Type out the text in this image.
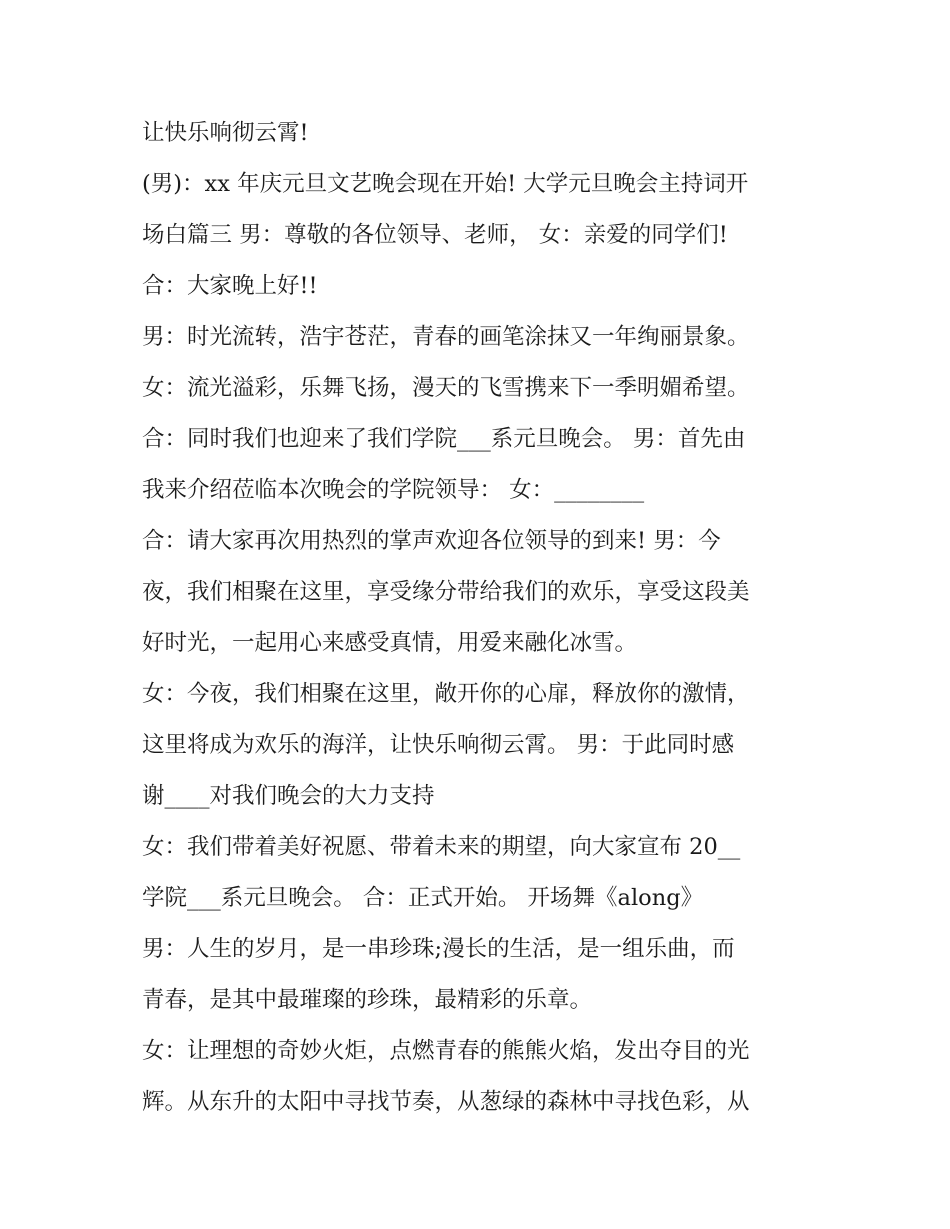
让快乐响彻云霄!
(男)：xx 年庆元旦文艺晚会现在开始! 大学元旦晚会主持词开
场白篇三 男：尊敬的各位领导、老师， 女：亲爱的同学们!
合：大家晚上好!!
男：时光流转，浩宇苍茫，青春的画笔涂抹又一年绚丽景象。
女：流光溢彩，乐舞飞扬，漫天的飞雪携来下一季明媚希望。
合：同时我们也迎来了我们学院___系元旦晚会。 男：首先由
我来介绍莅临本次晚会的学院领导： 女：________
合：请大家再次用热烈的掌声欢迎各位领导的到来! 男：今
夜，我们相聚在这里，享受缘分带给我们的欢乐，享受这段美
好时光，一起用心来感受真情，用爱来融化冰雪。
女：今夜，我们相聚在这里，敞开你的心扉，释放你的激情，
这里将成为欢乐的海洋，让快乐响彻云霄。 男：于此同时感
谢____对我们晚会的大力支持
女：我们带着美好祝愿、带着未来的期望，向大家宣布 20__
学院___系元旦晚会。 合：正式开始。 开场舞《along》
男：人生的岁月，是一串珍珠;漫长的生活，是一组乐曲，而
青春，是其中最璀璨的珍珠，最精彩的乐章。
女：让理想的奇妙火炬，点燃青春的熊熊火焰，发出夺目的光
辉。从东升的太阳中寻找节奏，从葱绿的森林中寻找色彩，从
